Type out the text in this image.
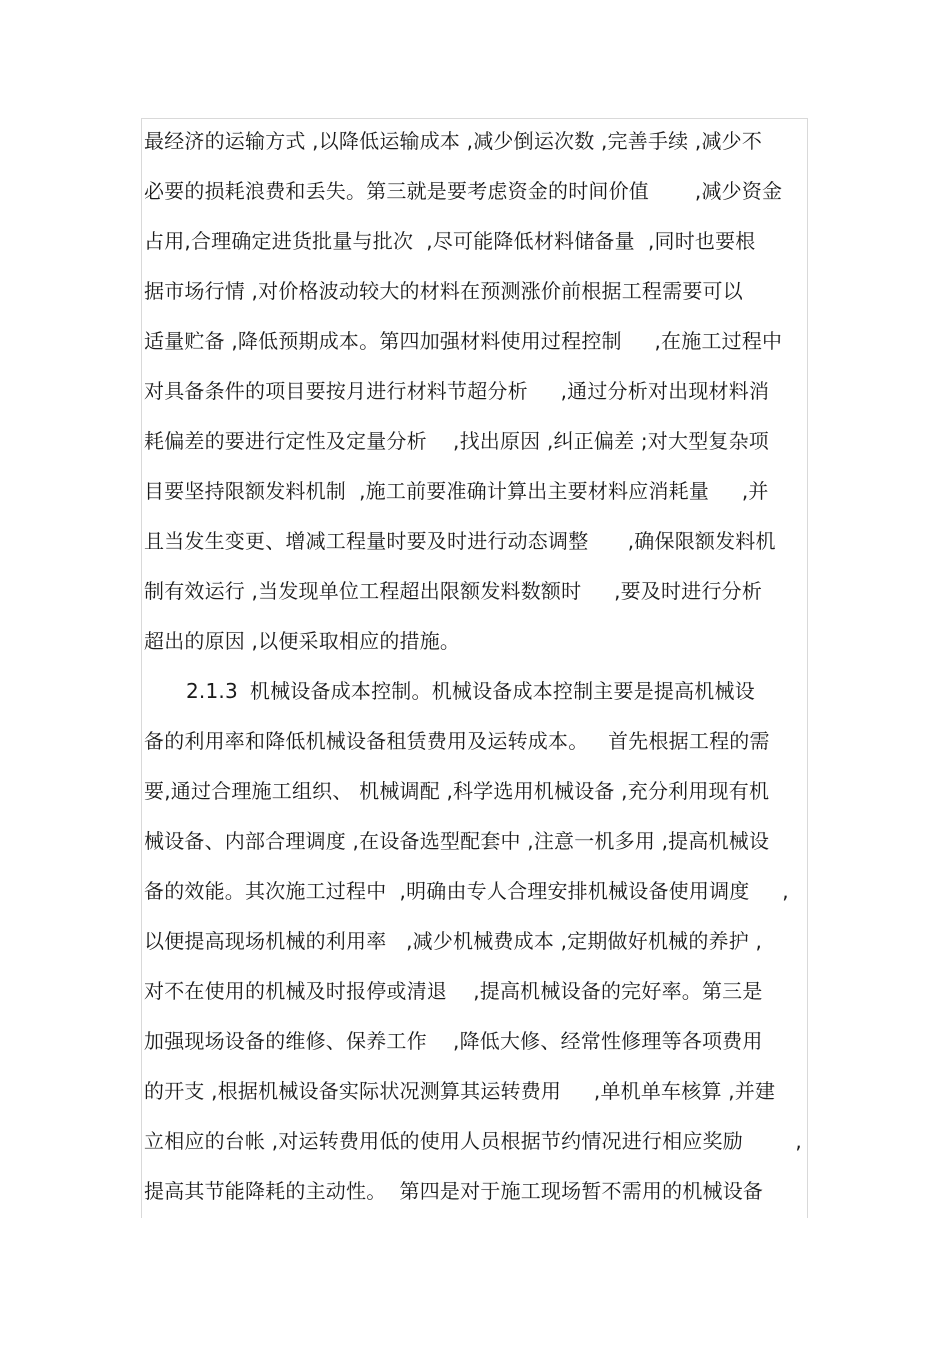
最经济的运输方式 ,以降低运输成本 ,减少倒运次数 ,完善手续 ,减少不
必要的损耗浪费和丢失。第三就是要考虑资金的时间价值       ,减少资金
占用,合理确定进货批量与批次  ,尽可能降低材料储备量  ,同时也要根
据市场行情 ,对价格波动较大的材料在预测涨价前根据工程需要可以
适量贮备 ,降低预期成本。第四加强材料使用过程控制     ,在施工过程中
对具备条件的项目要按月进行材料节超分析     ,通过分析对出现材料消
耗偏差的要进行定性及定量分析    ,找出原因 ,纠正偏差 ;对大型复杂项
目要坚持限额发料机制  ,施工前要准确计算出主要材料应消耗量     ,并
且当发生变更、增减工程量时要及时进行动态调整      ,确保限额发料机
制有效运行 ,当发现单位工程超出限额发料数额时     ,要及时进行分析
超出的原因 ,以便采取相应的措施。
2.1.3 机械设备成本控制。机械设备成本控制主要是提高机械设
备的利用率和降低机械设备租赁费用及运转成本。   首先根据工程的需
要,通过合理施工组织、 机械调配 ,科学选用机械设备 ,充分利用现有机
械设备、内部合理调度 ,在设备选型配套中 ,注意一机多用 ,提高机械设
备的效能。其次施工过程中  ,明确由专人合理安排机械设备使用调度     ,
以便提高现场机械的利用率   ,减少机械费成本 ,定期做好机械的养护 ,
对不在使用的机械及时报停或清退    ,提高机械设备的完好率。第三是
加强现场设备的维修、保养工作    ,降低大修、经常性修理等各项费用
的开支 ,根据机械设备实际状况测算其运转费用     ,单机单车核算 ,并建
立相应的台帐 ,对运转费用低的使用人员根据节约情况进行相应奖励        ,
提高其节能降耗的主动性。  第四是对于施工现场暂不需用的机械设备
